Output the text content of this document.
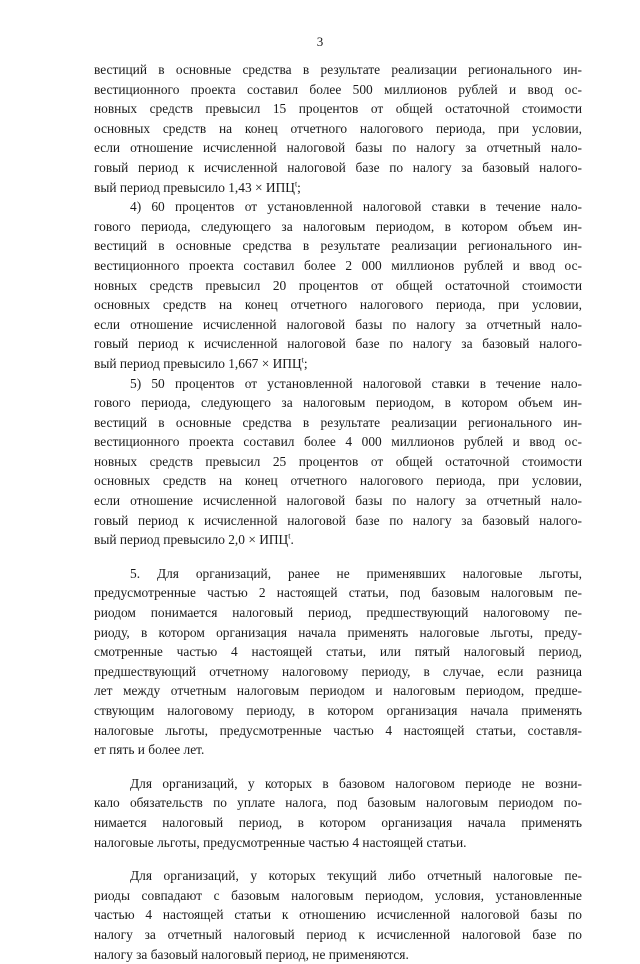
3
вестиций в основные средства в результате реализации регионального ин-
вестиционного проекта составил более 500 миллионов рублей и ввод ос-
новных средств превысил 15 процентов от общей остаточной стоимости
основных средств на конец отчетного налогового периода, при условии,
если отношение исчисленной налоговой базы по налогу за отчетный нало-
говый период к исчисленной налоговой базе по налогу за базовый налого-
вый период превысило $1,43 \times ИПЦ^t$;
4) 60 процентов от установленной налоговой ставки в течение нало-
гового периода, следующего за налоговым периодом, в котором объем ин-
вестиций в основные средства в результате реализации регионального ин-
вестиционного проекта составил более 2 000 миллионов рублей и ввод ос-
новных средств превысил 20 процентов от общей остаточной стоимости
основных средств на конец отчетного налогового периода, при условии,
если отношение исчисленной налоговой базы по налогу за отчетный нало-
говый период к исчисленной налоговой базе по налогу за базовый налого-
вый период превысило $1,667 \times ИПЦ^t$;
5) 50 процентов от установленной налоговой ставки в течение нало-
гового периода, следующего за налоговым периодом, в котором объем ин-
вестиций в основные средства в результате реализации регионального ин-
вестиционного проекта составил более 4 000 миллионов рублей и ввод ос-
новных средств превысил 25 процентов от общей остаточной стоимости
основных средств на конец отчетного налогового периода, при условии,
если отношение исчисленной налоговой базы по налогу за отчетный нало-
говый период к исчисленной налоговой базе по налогу за базовый налого-
вый период превысило $2,0 \times ИПЦ^t$.
5. Для организаций, ранее не применявших налоговые льготы,
предусмотренные частью 2 настоящей статьи, под базовым налоговым пе-
риодом понимается налоговый период, предшествующий налоговому пе-
риоду, в котором организация начала применять налоговые льготы, преду-
смотренные частью 4 настоящей статьи, или пятый налоговый период,
предшествующий отчетному налоговому периоду, в случае, если разница
лет между отчетным налоговым периодом и налоговым периодом, предше-
ствующим налоговому периоду, в котором организация начала применять
налоговые льготы, предусмотренные частью 4 настоящей статьи, составля-
ет пять и более лет.
Для организаций, у которых в базовом налоговом периоде не возни-
кало обязательств по уплате налога, под базовым налоговым периодом по-
нимается налоговый период, в котором организация начала применять
налоговые льготы, предусмотренные частью 4 настоящей статьи.
Для организаций, у которых текущий либо отчетный налоговые пе-
риоды совпадают с базовым налоговым периодом, условия, установленные
частью 4 настоящей статьи к отношению исчисленной налоговой базы по
налогу за отчетный налоговый период к исчисленной налоговой базе по
налогу за базовый налоговый период, не применяются.
